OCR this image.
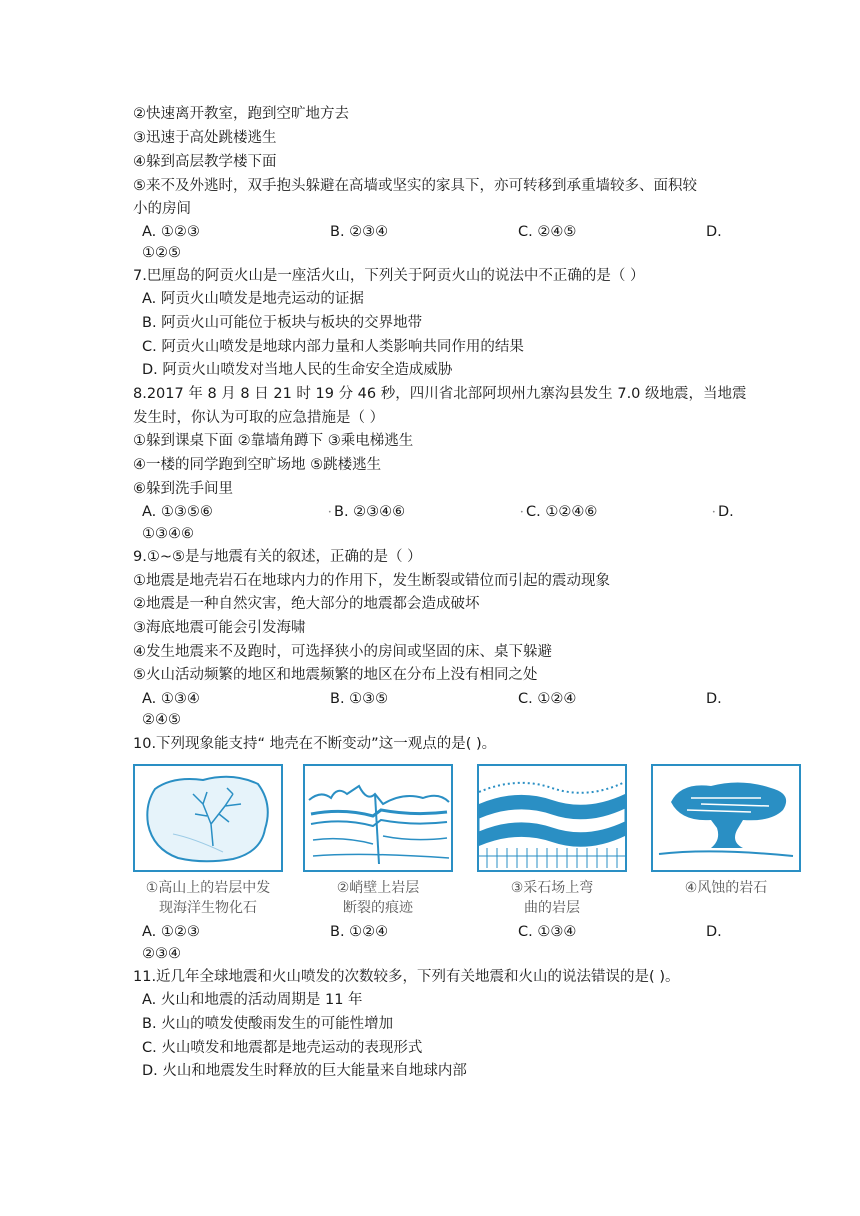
②快速离开教室，跑到空旷地方去
③迅速于高处跳楼逃生
④躲到高层教学楼下面
⑤来不及外逃时，双手抱头躲避在高墙或坚实的家具下，亦可转移到承重墙较多、面积较
小的房间
A. ①②③	B. ②③④	C. ②④⑤	D.
①②⑤
7.巴厘岛的阿贡火山是一座活火山，下列关于阿贡火山的说法中不正确的是（ ）
A. 阿贡火山喷发是地壳运动的证据
B. 阿贡火山可能位于板块与板块的交界地带
C. 阿贡火山喷发是地球内部力量和人类影响共同作用的结果
D. 阿贡火山喷发对当地人民的生命安全造成威胁
8.2017 年 8 月 8 日 21 时 19 分 46 秒，四川省北部阿坝州九寨沟县发生 7.0 级地震，当地震
发生时，你认为可取的应急措施是（ ）
①躲到课桌下面 ②靠墙角蹲下 ③乘电梯逃生
④一楼的同学跑到空旷场地 ⑤跳楼逃生
⑥躲到洗手间里
A. ①③⑤⑥	• B. ②③④⑥	• C. ①②④⑥	• D.
①③④⑥
9.①~⑤是与地震有关的叙述，正确的是（ ）
①地震是地壳岩石在地球内力的作用下，发生断裂或错位而引起的震动现象
②地震是一种自然灾害，绝大部分的地震都会造成破坏
③海底地震可能会引发海啸
④发生地震来不及跑时，可选择狭小的房间或坚固的床、桌下躲避
⑤火山活动频繁的地区和地震频繁的地区在分布上没有相同之处
A. ①③④	B. ①③⑤	C. ①②④	D.
②④⑤
10.下列现象能支持“ 地壳在不断变动”这一观点的是( )。
①高山上的岩层中发
现海洋生物化石
②峭壁上岩层
断裂的痕迹
③采石场上弯
曲的岩层
④风蚀的岩石
A. ①②③	B. ①②④	C. ①③④	D.
②③④
11.近几年全球地震和火山喷发的次数较多，下列有关地震和火山的说法错误的是( )。
A. 火山和地震的活动周期是 11 年
B. 火山的喷发使酸雨发生的可能性增加
C. 火山喷发和地震都是地壳运动的表现形式
D. 火山和地震发生时释放的巨大能量来自地球内部
